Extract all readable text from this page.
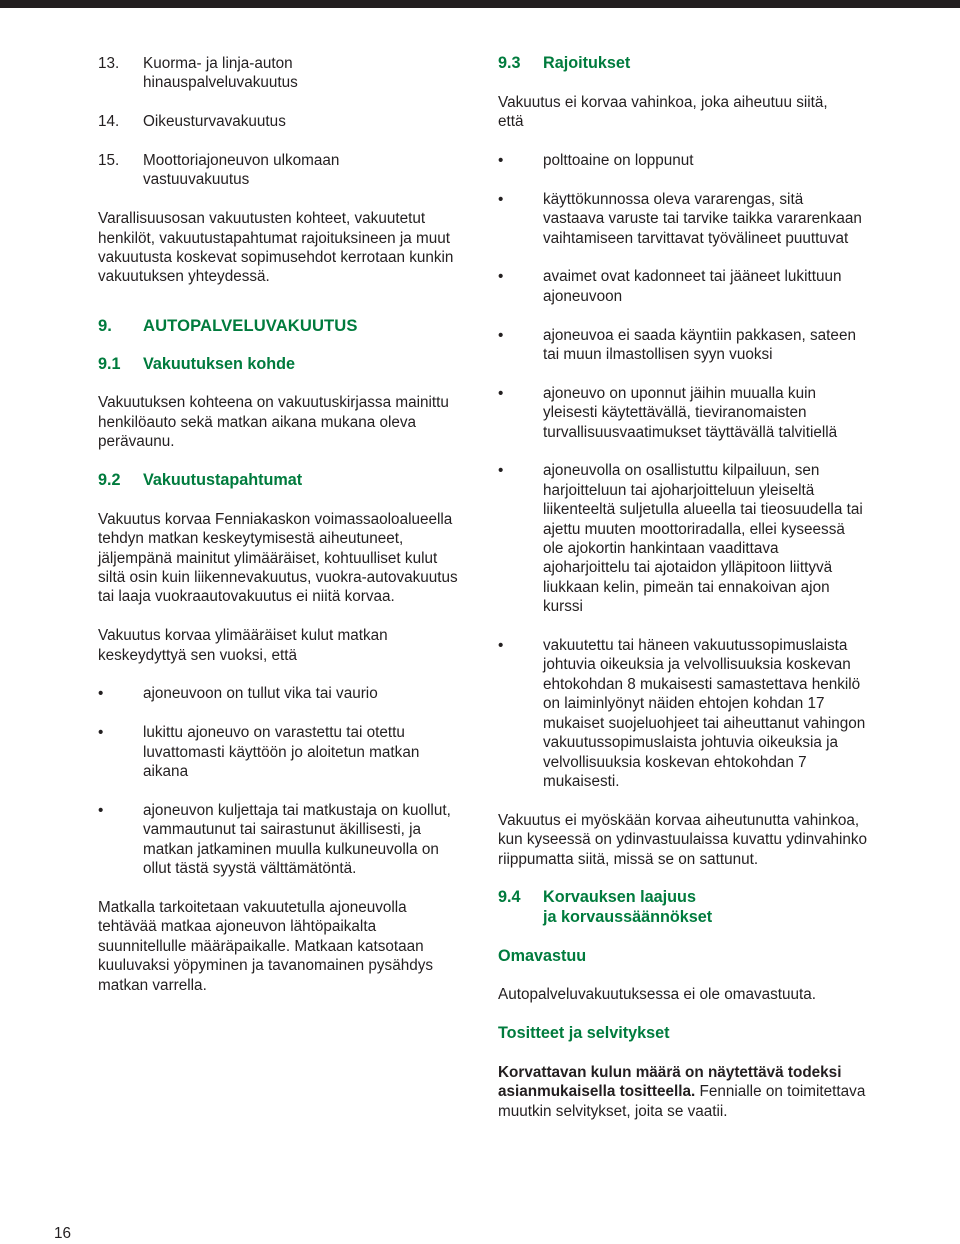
13.	Kuorma- ja linja-auton hinauspalveluvakuutus
14.	Oikeusturvavakuutus
15.	Moottoriajoneuvon ulkomaan vastuuvakuutus

Varallisuusosan vakuutusten kohteet, vakuutetut henkilöt, vakuutustapahtumat rajoituksineen ja muut vakuutusta koskevat sopimusehdot kerrotaan kunkin vakuutuksen yhteydessä.

9.	AUTOPALVELUVAKUUTUS
9.1	Vakuutuksen kohde

Vakuutuksen kohteena on vakuutuskirjassa mainittu henkilöauto sekä matkan aikana mukana oleva perävaunu.

9.2	Vakuutustapahtumat

Vakuutus korvaa Fenniakaskon voimassaoloalueella tehdyn matkan keskeytymisestä aiheutuneet, jäljempänä mainitut ylimääräiset, kohtuulliset kulut siltä osin kuin liikennevakuutus, vuokra-autovakuutus tai laaja vuokraautovakuutus ei niitä korvaa.

Vakuutus korvaa ylimääräiset kulut matkan keskeydyttyä sen vuoksi, että

•	ajoneuvoon on tullut vika tai vaurio
•	lukittu ajoneuvo on varastettu tai otettu luvattomasti käyttöön jo aloitetun matkan aikana
•	ajoneuvon kuljettaja tai matkustaja on kuollut, vammautunut tai sairastunut äkillisesti, ja matkan jatkaminen muulla kulkuneuvolla on ollut tästä syystä välttämätöntä.

Matkalla tarkoitetaan vakuutetulla ajoneuvolla tehtävää matkaa ajoneuvon lähtöpaikalta suunnitellulle määräpaikalle. Matkaan katsotaan kuuluvaksi yöpyminen ja tavanomainen pysähdys matkan varrella.

9.3	Rajoitukset

Vakuutus ei korvaa vahinkoa, joka aiheutuu siitä, että

•	polttoaine on loppunut
•	käyttökunnossa oleva vararengas, sitä vastaava varuste tai tarvike taikka vararenkaan vaihtamiseen tarvittavat työvälineet puuttuvat
•	avaimet ovat kadonneet tai jääneet lukittuun ajoneuvoon
•	ajoneuvoa ei saada käyntiin pakkasen, sateen tai muun ilmastollisen syyn vuoksi
•	ajoneuvo on uponnut jäihin muualla kuin yleisesti käytettävällä, tieviranomaisten turvallisuusvaatimukset täyttävällä talvitiellä
•	ajoneuvolla on osallistuttu kilpailuun, sen harjoitteluun tai ajoharjoitteluun yleiseltä liikenteeltä suljetulla alueella tai tieosuudella tai ajettu muuten moottoriradalla, ellei kyseessä ole ajokortin hankintaan vaadittava ajoharjoittelu tai ajotaidon ylläpitoon liittyvä liukkaan kelin, pimeän tai ennakoivan ajon kurssi
•	vakuutettu tai häneen vakuutussopimuslaista johtuvia oikeuksia ja velvollisuuksia koskevan ehtokohdan 8 mukaisesti samastettava henkilö on laiminlyönyt näiden ehtojen kohdan 17 mukaiset suojeluohjeet tai aiheuttanut vahingon vakuutussopimuslaista johtuvia oikeuksia ja velvollisuuksia koskevan ehtokohdan 7 mukaisesti.

Vakuutus ei myöskään korvaa aiheutunutta vahinkoa, kun kyseessä on ydinvastuulaissa kuvattu ydinvahinko riippumatta siitä, missä se on sattunut.

9.4	Korvauksen laajuus
ja korvaussäännökset
Omavastuu

Autopalveluvakuutuksessa ei ole omavastuuta.

Tositteet ja selvitykset

Korvattavan kulun määrä on näytettävä todeksi asianmukaisella tositteella. Fennialle on toimitettava muutkin selvitykset, joita se vaatii.

16
